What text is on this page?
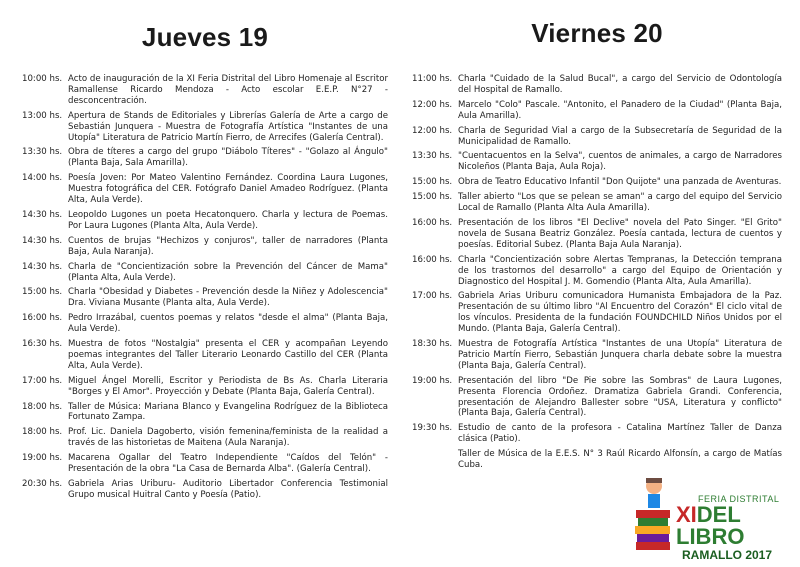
Jueves 19
10:00 hs. Acto de inauguración de la XI Feria Distrital del Libro Homenaje al Escritor Ramallense Ricardo Mendoza - Acto escolar E.E.P. N°27 - desconcentración.
13:00 hs. Apertura de Stands de Editoriales y Librerías Galería de Arte a cargo de Sebastián Junquera - Muestra de Fotografía Artística "Instantes de una Utopía" Literatura de Patricio Martín Fierro, de Arrecifes (Galería Central).
13:30 hs. Obra de títeres a cargo del grupo "Diábolo Títeres" - "Golazo al Ángulo" (Planta Baja, Sala Amarilla).
14:00 hs. Poesía Joven: Por Mateo Valentino Fernández. Coordina Laura Lugones, Muestra fotográfica del CER. Fotógrafo Daniel Amadeo Rodríguez. (Planta Alta, Aula Verde).
14:30 hs. Leopoldo Lugones un poeta Hecatonquero. Charla y lectura de Poemas. Por Laura Lugones (Planta Alta, Aula Verde).
14:30 hs. Cuentos de brujas "Hechizos y conjuros", taller de narradores (Planta Baja, Aula Naranja).
14:30 hs. Charla de "Concientización sobre la Prevención del Cáncer de Mama" (Planta Alta, Aula Verde).
15:00 hs. Charla "Obesidad y Diabetes - Prevención desde la Niñez y Adolescencia" Dra. Viviana Musante (Planta alta, Aula Verde).
16:00 hs. Pedro Irrazábal, cuentos poemas y relatos "desde el alma" (Planta Baja, Aula Verde).
16:30 hs. Muestra de fotos "Nostalgia" presenta el CER y acompañan Leyendo poemas integrantes del Taller Literario Leonardo Castillo del CER (Planta Alta, Aula Verde).
17:00 hs. Miguel Ángel Morelli, Escritor y Periodista de Bs As. Charla Literaria "Borges y El Amor". Proyección y Debate (Planta Baja, Galería Central).
18:00 hs. Taller de Música: Mariana Blanco y Evangelina Rodríguez de la Biblioteca Fortunato Zampa.
18:00 hs. Prof. Lic. Daniela Dagoberto, visión femenina/feminista de la realidad a través de las historietas de Maitena (Aula Naranja).
19:00 hs. Macarena Ogallar del Teatro Independiente "Caídos del Telón" - Presentación de la obra "La Casa de Bernarda Alba". (Galería Central).
20:30 hs. Gabriela Arias Uriburu- Auditorio Libertador Conferencia Testimonial Grupo musical Huitral Canto y Poesía (Patio).
Viernes 20
11:00 hs. Charla "Cuidado de la Salud Bucal", a cargo del Servicio de Odontología del Hospital de Ramallo.
12:00 hs. Marcelo "Colo" Pascale. "Antonito, el Panadero de la Ciudad" (Planta Baja, Aula Amarilla).
12:00 hs. Charla de Seguridad Vial a cargo de la Subsecretaría de Seguridad de la Municipalidad de Ramallo.
13:30 hs. "Cuentacuentos en la Selva", cuentos de animales, a cargo de Narradores Nicoleños (Planta Baja, Aula Roja).
15:00 hs. Obra de Teatro Educativo Infantil "Don Quijote" una panzada de Aventuras.
15:00 hs. Taller abierto "Los que se pelean se aman" a cargo del equipo del Servicio Local de Ramallo (Planta Alta Aula Amarilla).
16:00 hs. Presentación de los libros "El Declive" novela del Pato Singer. "El Grito" novela de Susana Beatriz González. Poesía cantada, lectura de cuentos y poesías. Editorial Subez. (Planta Baja Aula Naranja).
16:00 hs. Charla "Concientización sobre Alertas Tempranas, la Detección temprana de los trastornos del desarrollo" a cargo del Equipo de Orientación y Diagnostico del Hospital J. M. Gomendio (Planta Alta, Aula Amarilla).
17:00 hs. Gabriela Arias Uriburu comunicadora Humanista Embajadora de la Paz. Presentación de su último libro "Al Encuentro del Corazón" El ciclo vital de los vínculos. Presidenta de la fundación FOUNDCHILD Niños Unidos por el Mundo. (Planta Baja, Galería Central).
18:30 hs. Muestra de Fotografía Artística "Instantes de una Utopía" Literatura de Patricio Martín Fierro, Sebastián Junquera charla debate sobre la muestra (Planta Baja, Galería Central).
19:00 hs. Presentación del libro "De Pie sobre las Sombras" de Laura Lugones, Presenta Florencia Ordoñez. Dramatiza Gabriela Grandi. Conferencia, presentación de Alejandro Ballester sobre "USA, Literatura y conflicto" (Planta Baja, Galería Central).
19:30 hs. Estudio de canto de la profesora - Catalina Martínez Taller de Danza clásica (Patio).
Taller de Música de la E.E.S. N° 3 Raúl Ricardo Alfonsín, a cargo de Matías Cuba.
FERIA DISTRITAL
XIDEL LIBRO
RAMALLO 2017
